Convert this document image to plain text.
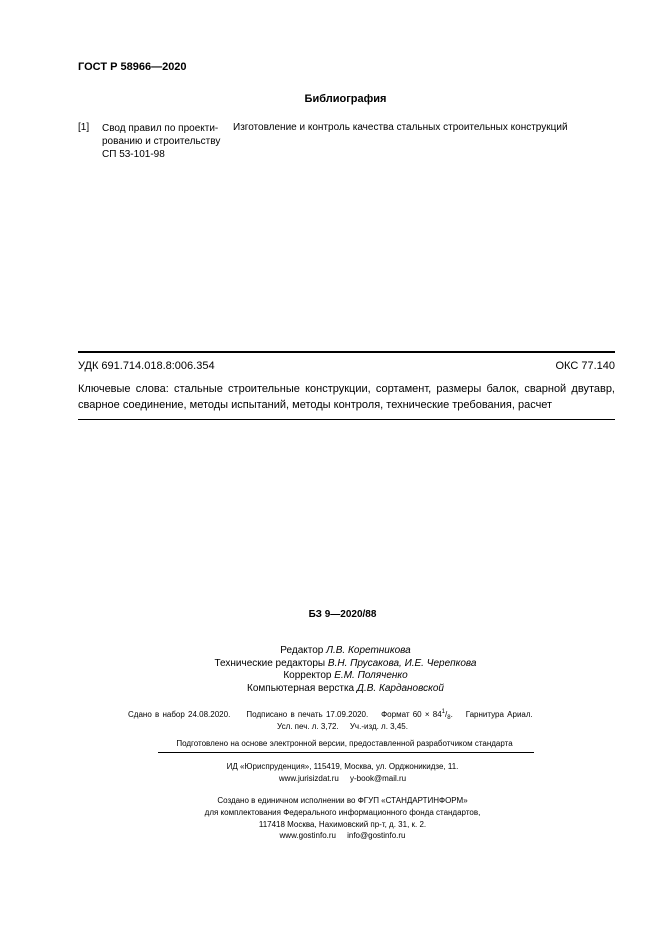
ГОСТ Р 58966—2020
Библиография
[1] Свод правил по проекти-
рованию и строительству
СП 53-101-98
Изготовление и контроль качества стальных строительных конструкций
УДК 691.714.018.8:006.354	ОКС 77.140
Ключевые слова: стальные строительные конструкции, сортамент, размеры балок, сварной двутавр,
сварное соединение, методы испытаний, методы контроля, технические требования, расчет
БЗ 9—2020/88
Редактор Л.В. Коретникова
Технические редакторы В.Н. Прусакова, И.Е. Черепкова
Корректор Е.М. Поляченко
Компьютерная верстка Д.В. Кардановской
Сдано в набор 24.08.2020. Подписано в печать 17.09.2020. Формат $60 \times 84^1/_8$. Гарнитура Ариал.
Усл. печ. л. 3,72. Уч.-изд. л. 3,45.
Подготовлено на основе электронной версии, предоставленной разработчиком стандарта
ИД «Юриспруденция», 115419, Москва, ул. Орджоникидзе, 11.
www.jurisizdat.ru     y-book@mail.ru
Создано в единичном исполнении во ФГУП «СТАНДАРТИНФОРМ»
для комплектования Федерального информационного фонда стандартов,
117418 Москва, Нахимовский пр-т, д. 31, к. 2.
www.gostinfo.ru     info@gostinfo.ru
